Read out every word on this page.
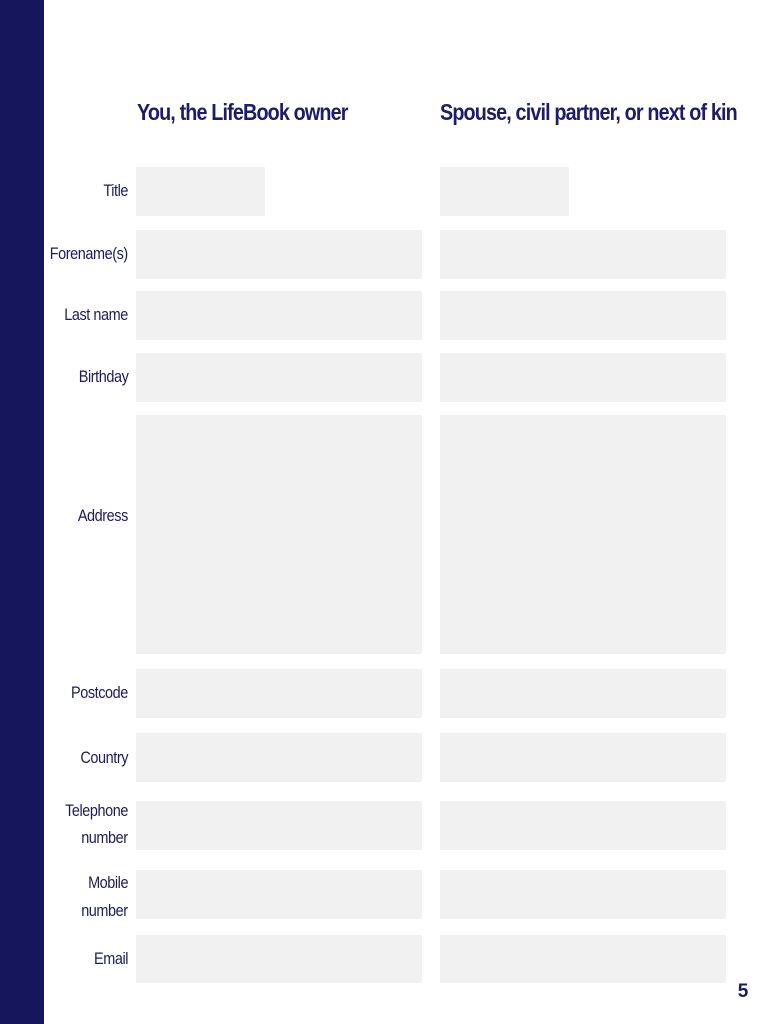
You, the LifeBook owner	Spouse, civil partner, or next of kin
Title
Forename(s)
Last name
Birthday
Address
Postcode
Country
Telephone
number
Mobile
number
Email
5
